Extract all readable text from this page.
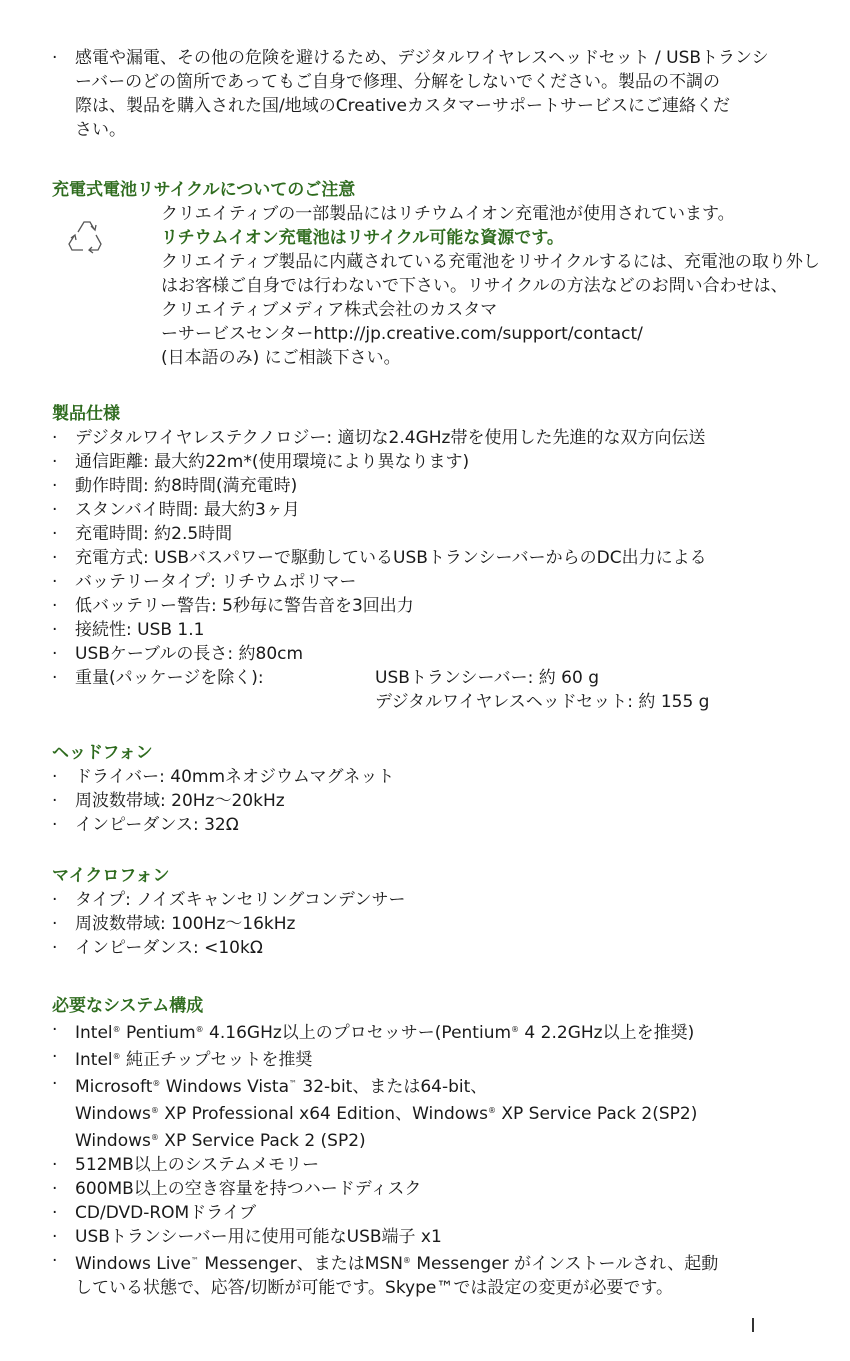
· 感電や漏電、その他の危険を避けるため、デジタルワイヤレスヘッドセット / USBトランシ
ーバーのどの箇所であってもご自身で修理、分解をしないでください。製品の不調の
際は、製品を購入された国/地域のCreativeカスタマーサポートサービスにご連絡くだ
さい。
充電式電池リサイクルについてのご注意
クリエイティブの一部製品にはリチウムイオン充電池が使用されています。
リチウムイオン充電池はリサイクル可能な資源です。
クリエイティブ製品に内蔵されている充電池をリサイクルするには、充電池の取り外し
はお客様ご自身では行わないで下さい。リサイクルの方法などのお問い合わせは、
クリエイティブメディア株式会社のカスタマ
ーサービスセンターhttp://jp.creative.com/support/contact/
(日本語のみ) にご相談下さい。
製品仕様
· デジタルワイヤレステクノロジー: 適切な2.4GHz帯を使用した先進的な双方向伝送
· 通信距離: 最大約22m*(使用環境により異なります)
· 動作時間: 約8時間(満充電時)
· スタンバイ時間: 最大約3ヶ月
· 充電時間: 約2.5時間
· 充電方式: USBバスパワーで駆動しているUSBトランシーバーからのDC出力による
· バッテリータイプ: リチウムポリマー
· 低バッテリー警告: 5秒毎に警告音を3回出力
· 接続性: USB 1.1
· USBケーブルの長さ: 約80cm
· 重量(パッケージを除く):	USBトランシーバー: 約 60 g
デジタルワイヤレスヘッドセット: 約 155 g
ヘッドフォン
· ドライバー: 40mmネオジウムマグネット
· 周波数帯域: 20Hz〜20kHz
· インピーダンス: 32Ω
マイクロフォン
· タイプ: ノイズキャンセリングコンデンサー
· 周波数帯域: 100Hz〜16kHz
· インピーダンス: <10kΩ
必要なシステム構成
· Intel® Pentium® 4.16GHz以上のプロセッサー(Pentium® 4 2.2GHz以上を推奨)
· Intel® 純正チップセットを推奨
· Microsoft® Windows Vista™ 32-bit、または64-bit、
Windows® XP Professional x64 Edition、Windows® XP Service Pack 2(SP2)
Windows® XP Service Pack 2 (SP2)
· 512MB以上のシステムメモリー
· 600MB以上の空き容量を持つハードディスク
· CD/DVD-ROMドライブ
· USBトランシーバー用に使用可能なUSB端子 x1
· Windows Live™ Messenger、またはMSN® Messenger がインストールされ、起動
している状態で、応答/切断が可能です。Skype™では設定の変更が必要です。
